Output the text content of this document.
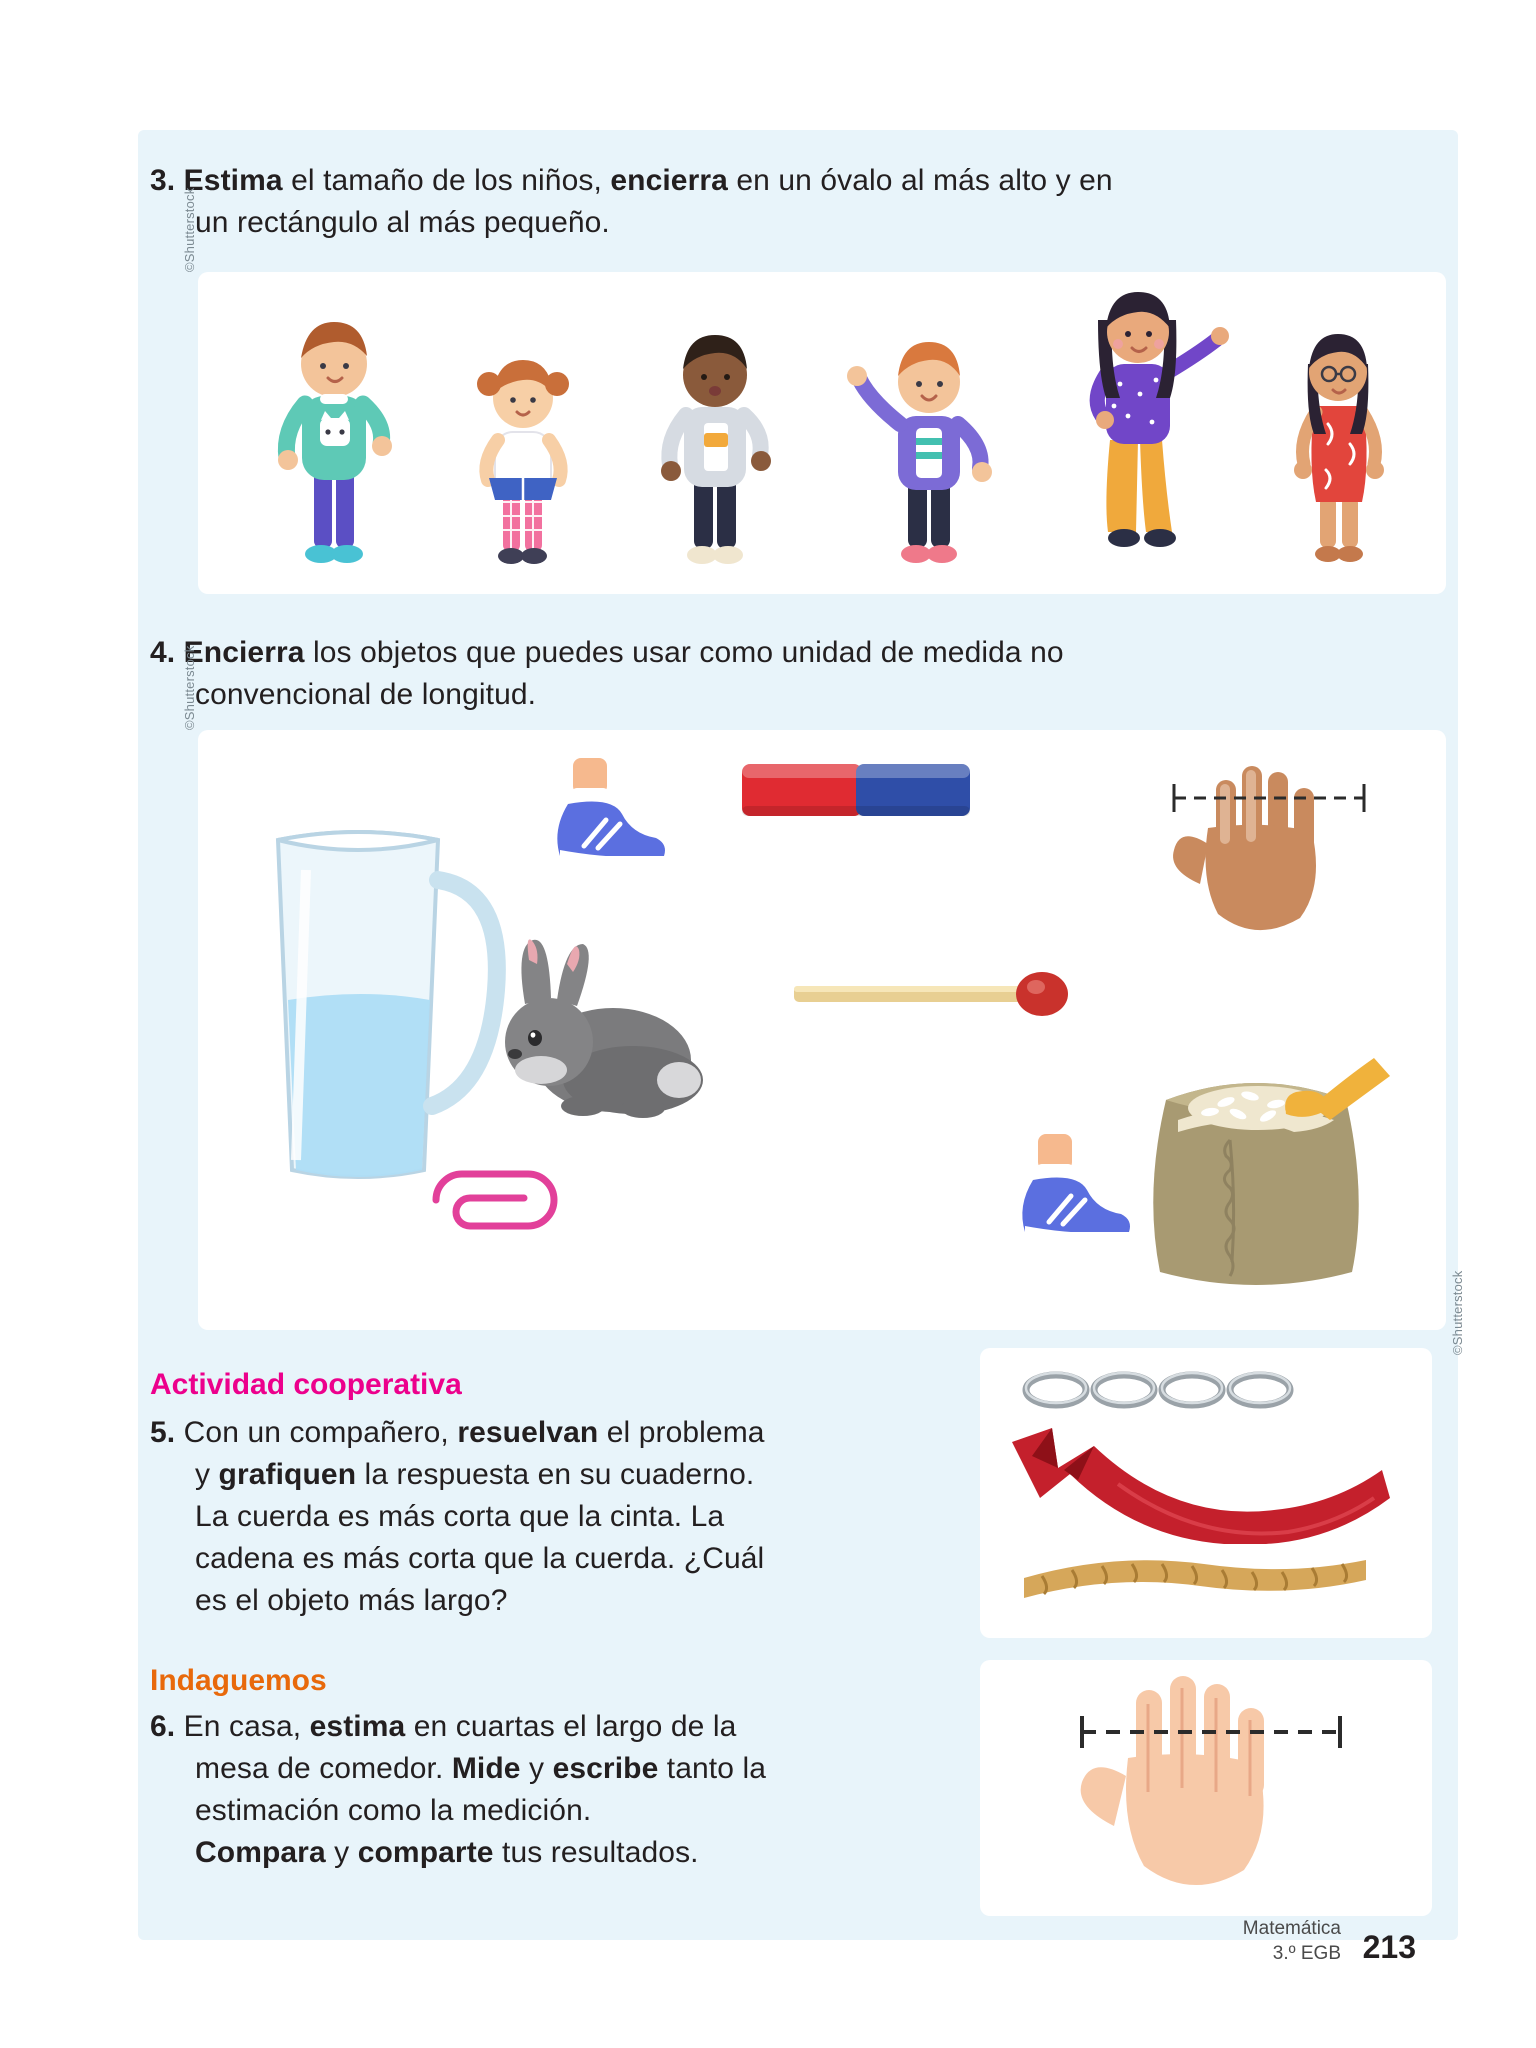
3. Estima el tamaño de los niños, encierra en un óvalo al más alto y en
un rectángulo al más pequeño.
©Shutterstock
4. Encierra los objetos que puedes usar como unidad de medida no
convencional de longitud.
©Shutterstock
Actividad cooperativa
5. Con un compañero, resuelvan el problema
y grafiquen la respuesta en su cuaderno.
La cuerda es más corta que la cinta. La
cadena es más corta que la cuerda. ¿Cuál
es el objeto más largo?
©Shutterstock
Indaguemos
6. En casa, estima en cuartas el largo de la
mesa de comedor. Mide y escribe tanto la
estimación como la medición.
Compara y comparte tus resultados.
Matemática
3.º EGB 213
